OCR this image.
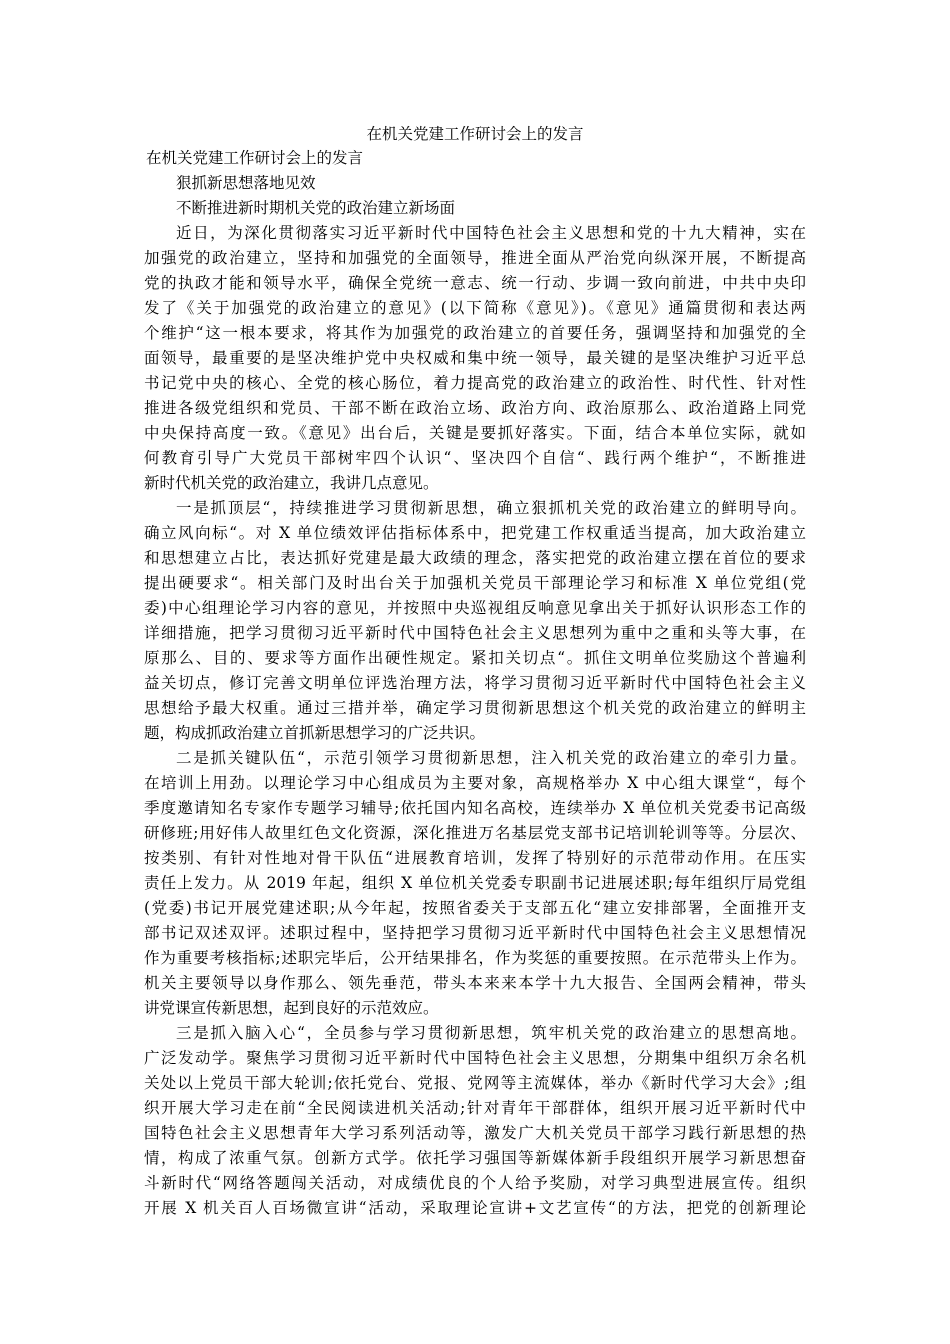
在机关党建工作研讨会上的发言

在机关党建工作研讨会上的发言

狠抓新思想落地见效

不断推进新时期机关党的政治建立新场面

近日，为深化贯彻落实习近平新时代中国特色社会主义思想和党的十九大精神，实在

加强党的政治建立，坚持和加强党的全面领导，推进全面从严治党向纵深开展，不断提高

党的执政才能和领导水平，确保全党统一意志、统一行动、步调一致向前进，中共中央印

发了《关于加强党的政治建立的意见》(以下简称《意见》)。《意见》通篇贯彻和表达两

个维护“这一根本要求，将其作为加强党的政治建立的首要任务，强调坚持和加强党的全

面领导，最重要的是坚决维护党中央权威和集中统一领导，最关键的是坚决维护习近平总

书记党中央的核心、全党的核心肠位，着力提高党的政治建立的政治性、时代性、针对性

推进各级党组织和党员、干部不断在政治立场、政治方向、政治原那么、政治道路上同党

中央保持高度一致。《意见》出台后，关键是要抓好落实。下面，结合本单位实际，就如

何教育引导广大党员干部树牢四个认识“、坚决四个自信“、践行两个维护“，不断推进

新时代机关党的政治建立，我讲几点意见。

一是抓顶层“，持续推进学习贯彻新思想，确立狠抓机关党的政治建立的鲜明导向。

确立风向标“。对 X 单位绩效评估指标体系中，把党建工作权重适当提高，加大政治建立

和思想建立占比，表达抓好党建是最大政绩的理念，落实把党的政治建立摆在首位的要求

提出硬要求“。相关部门及时出台关于加强机关党员干部理论学习和标准 X 单位党组(党

委)中心组理论学习内容的意见，并按照中央巡视组反响意见拿出关于抓好认识形态工作的

详细措施，把学习贯彻习近平新时代中国特色社会主义思想列为重中之重和头等大事，在

原那么、目的、要求等方面作出硬性规定。紧扣关切点“。抓住文明单位奖励这个普遍利

益关切点，修订完善文明单位评选治理方法，将学习贯彻习近平新时代中国特色社会主义

思想给予最大权重。通过三措并举，确定学习贯彻新思想这个机关党的政治建立的鲜明主

题，构成抓政治建立首抓新思想学习的广泛共识。

二是抓关键队伍“，示范引领学习贯彻新思想，注入机关党的政治建立的牵引力量。

在培训上用劲。以理论学习中心组成员为主要对象，高规格举办 X 中心组大课堂“，每个

季度邀请知名专家作专题学习辅导;依托国内知名高校，连续举办 X 单位机关党委书记高级

研修班;用好伟人故里红色文化资源，深化推进万名基层党支部书记培训轮训等等。分层次、

按类别、有针对性地对骨干队伍“进展教育培训，发挥了特别好的示范带动作用。在压实

责任上发力。从 2019 年起，组织 X 单位机关党委专职副书记进展述职;每年组织厅局党组

(党委)书记开展党建述职;从今年起，按照省委关于支部五化“建立安排部署，全面推开支

部书记双述双评。述职过程中，坚持把学习贯彻习近平新时代中国特色社会主义思想情况

作为重要考核指标;述职完毕后，公开结果排名，作为奖惩的重要按照。在示范带头上作为。

机关主要领导以身作那么、领先垂范，带头本来来本学十九大报告、全国两会精神，带头

讲党课宣传新思想，起到良好的示范效应。

三是抓入脑入心“，全员参与学习贯彻新思想，筑牢机关党的政治建立的思想高地。

广泛发动学。聚焦学习贯彻习近平新时代中国特色社会主义思想，分期集中组织万余名机

关处以上党员干部大轮训;依托党台、党报、党网等主流媒体，举办《新时代学习大会》;组

织开展大学习走在前“全民阅读进机关活动;针对青年干部群体，组织开展习近平新时代中

国特色社会主义思想青年大学习系列活动等，激发广大机关党员干部学习践行新思想的热

情，构成了浓重气氛。创新方式学。依托学习强国等新媒体新手段组织开展学习新思想奋

斗新时代“网络答题闯关活动，对成绩优良的个人给予奖励，对学习典型进展宣传。组织

开展 X 机关百人百场微宣讲“活动，采取理论宣讲+文艺宣传“的方法，把党的创新理论
